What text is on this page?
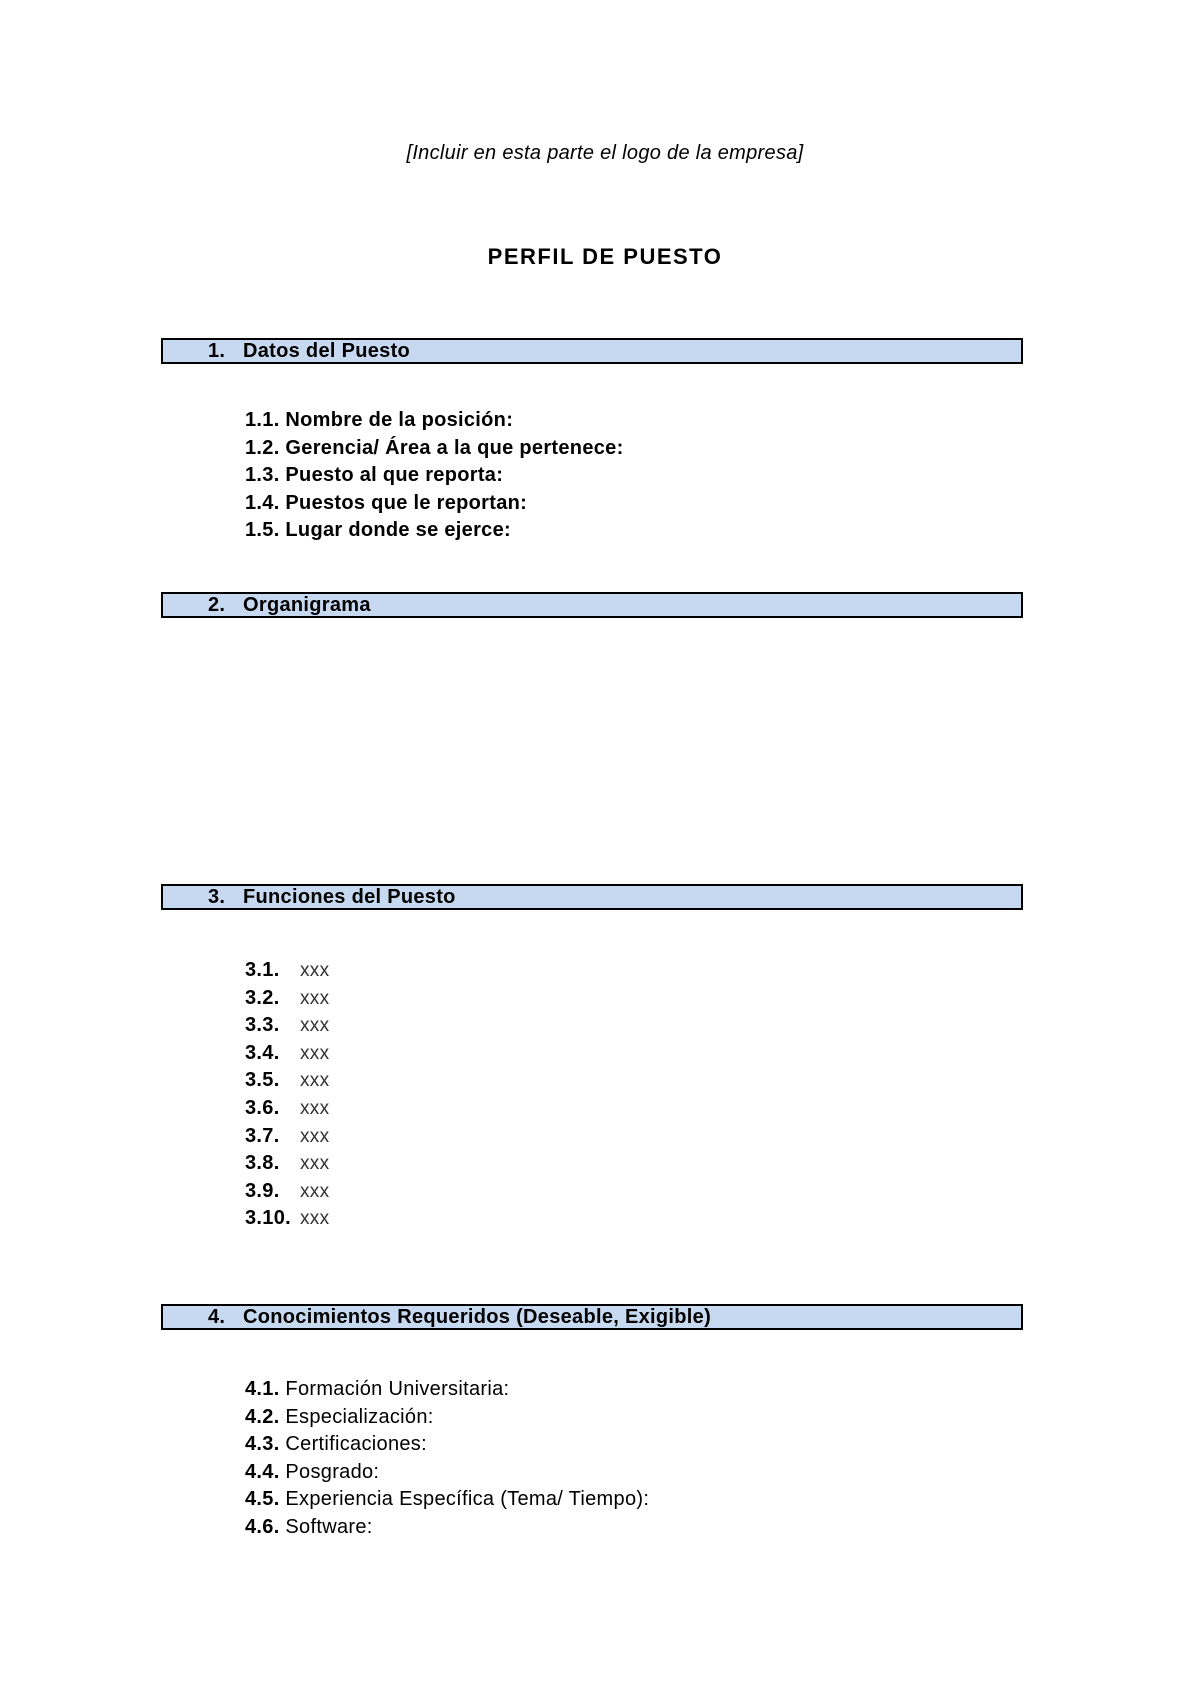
[Incluir en esta parte el logo de la empresa]
PERFIL DE PUESTO
1. Datos del Puesto
1.1. Nombre de la posición:
1.2. Gerencia/ Área a la que pertenece:
1.3. Puesto al que reporta:
1.4. Puestos que le reportan:
1.5. Lugar donde se ejerce:
2. Organigrama
3. Funciones del Puesto
3.1. xxx
3.2. xxx
3.3. xxx
3.4. xxx
3.5. xxx
3.6. xxx
3.7. xxx
3.8. xxx
3.9. xxx
3.10. xxx
4. Conocimientos Requeridos (Deseable, Exigible)
4.1. Formación Universitaria:
4.2. Especialización:
4.3. Certificaciones:
4.4. Posgrado:
4.5. Experiencia Específica (Tema/ Tiempo):
4.6. Software:
